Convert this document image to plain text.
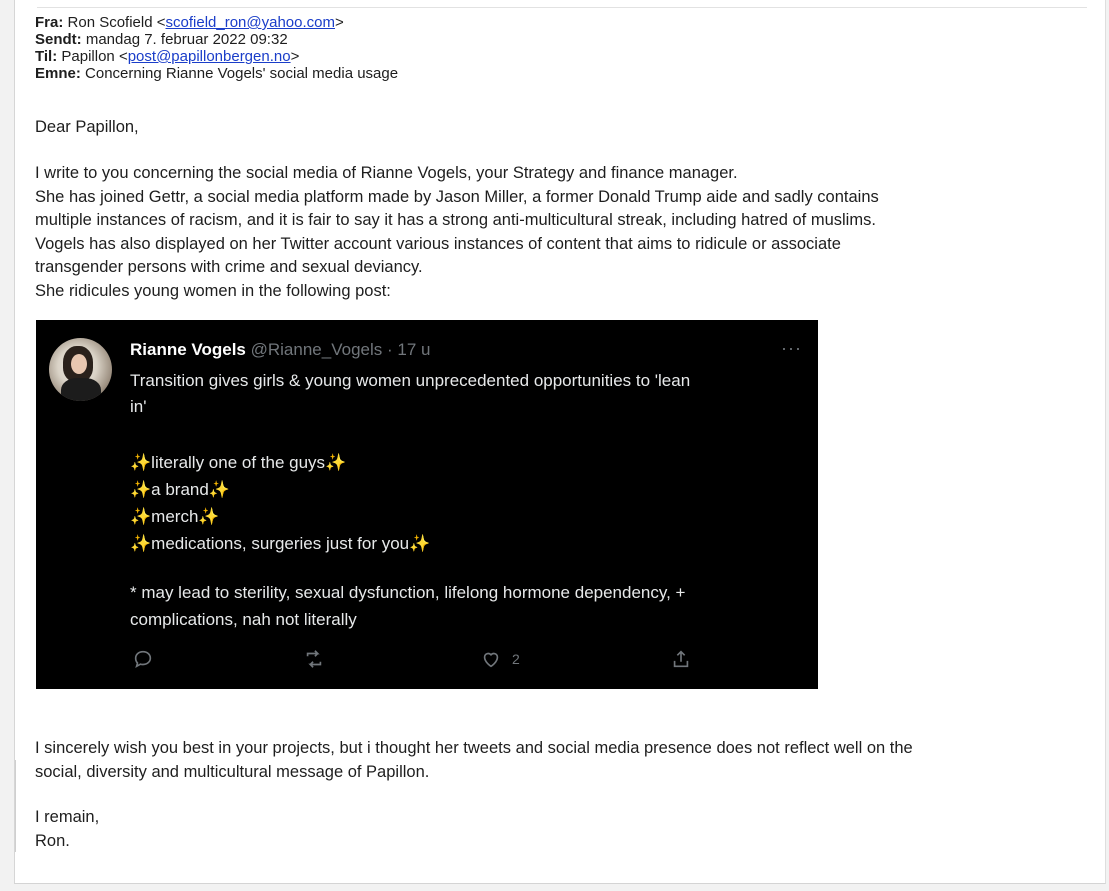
Fra: Ron Scofield <scofield_ron@yahoo.com>
Sendt: mandag 7. februar 2022 09:32
Til: Papillon <post@papillonbergen.no>
Emne: Concerning Rianne Vogels' social media usage
Dear Papillon,
I write to you concerning the social media of Rianne Vogels, your Strategy and finance manager.
She has joined Gettr, a social media platform made by Jason Miller, a former Donald Trump aide and sadly contains
multiple instances of racism, and it is fair to say it has a strong anti-multicultural streak, including hatred of muslims.
Vogels has also displayed on her Twitter account various instances of content that aims to ridicule or associate
transgender persons with crime and sexual deviancy.
She ridicules young women in the following post:
Rianne Vogels @Rianne_Vogels · 17 u	···
Transition gives girls & young women unprecedented opportunities to 'lean
in'
✨literally one of the guys✨
✨a brand✨
✨merch✨
✨medications, surgeries just for you✨
* may lead to sterility, sexual dysfunction, lifelong hormone dependency, +
complications, nah not literally
2
I sincerely wish you best in your projects, but i thought her tweets and social media presence does not reflect well on the
social, diversity and multicultural message of Papillon.
I remain,
Ron.
